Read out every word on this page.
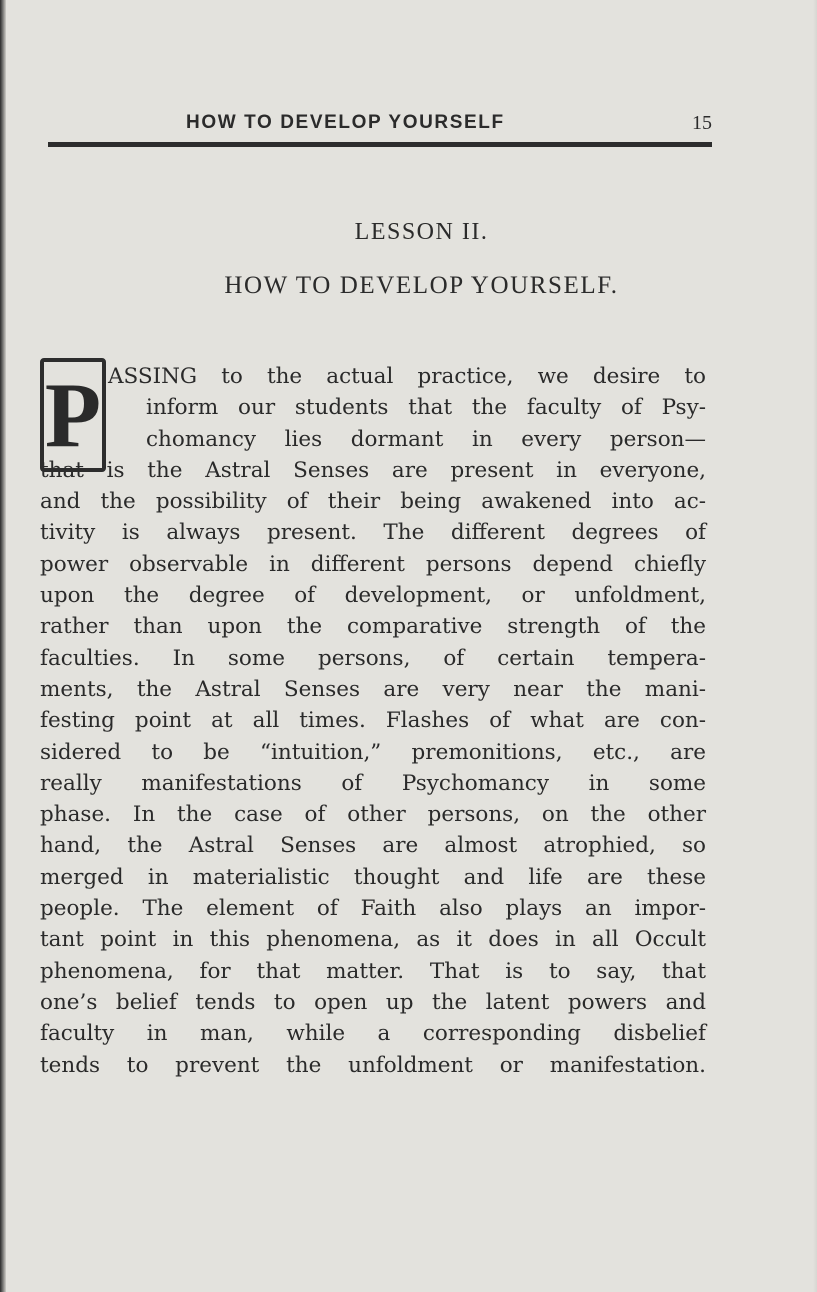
HOW TO DEVELOP YOURSELF	15
LESSON II.
HOW TO DEVELOP YOURSELF.
P ASSING to the actual practice, we desire to
inform our students that the faculty of Psy-
chomancy lies dormant in every person—
that is the Astral Senses are present in everyone,
and the possibility of their being awakened into ac-
tivity is always present. The different degrees of
power observable in different persons depend chiefly
upon the degree of development, or unfoldment,
rather than upon the comparative strength of the
faculties. In some persons, of certain tempera-
ments, the Astral Senses are very near the mani-
festing point at all times. Flashes of what are con-
sidered to be “intuition,” premonitions, etc., are
really manifestations of Psychomancy in some
phase. In the case of other persons, on the other
hand, the Astral Senses are almost atrophied, so
merged in materialistic thought and life are these
people. The element of Faith also plays an impor-
tant point in this phenomena, as it does in all Occult
phenomena, for that matter. That is to say, that
one’s belief tends to open up the latent powers and
faculty in man, while a corresponding disbelief
tends to prevent the unfoldment or manifestation.
